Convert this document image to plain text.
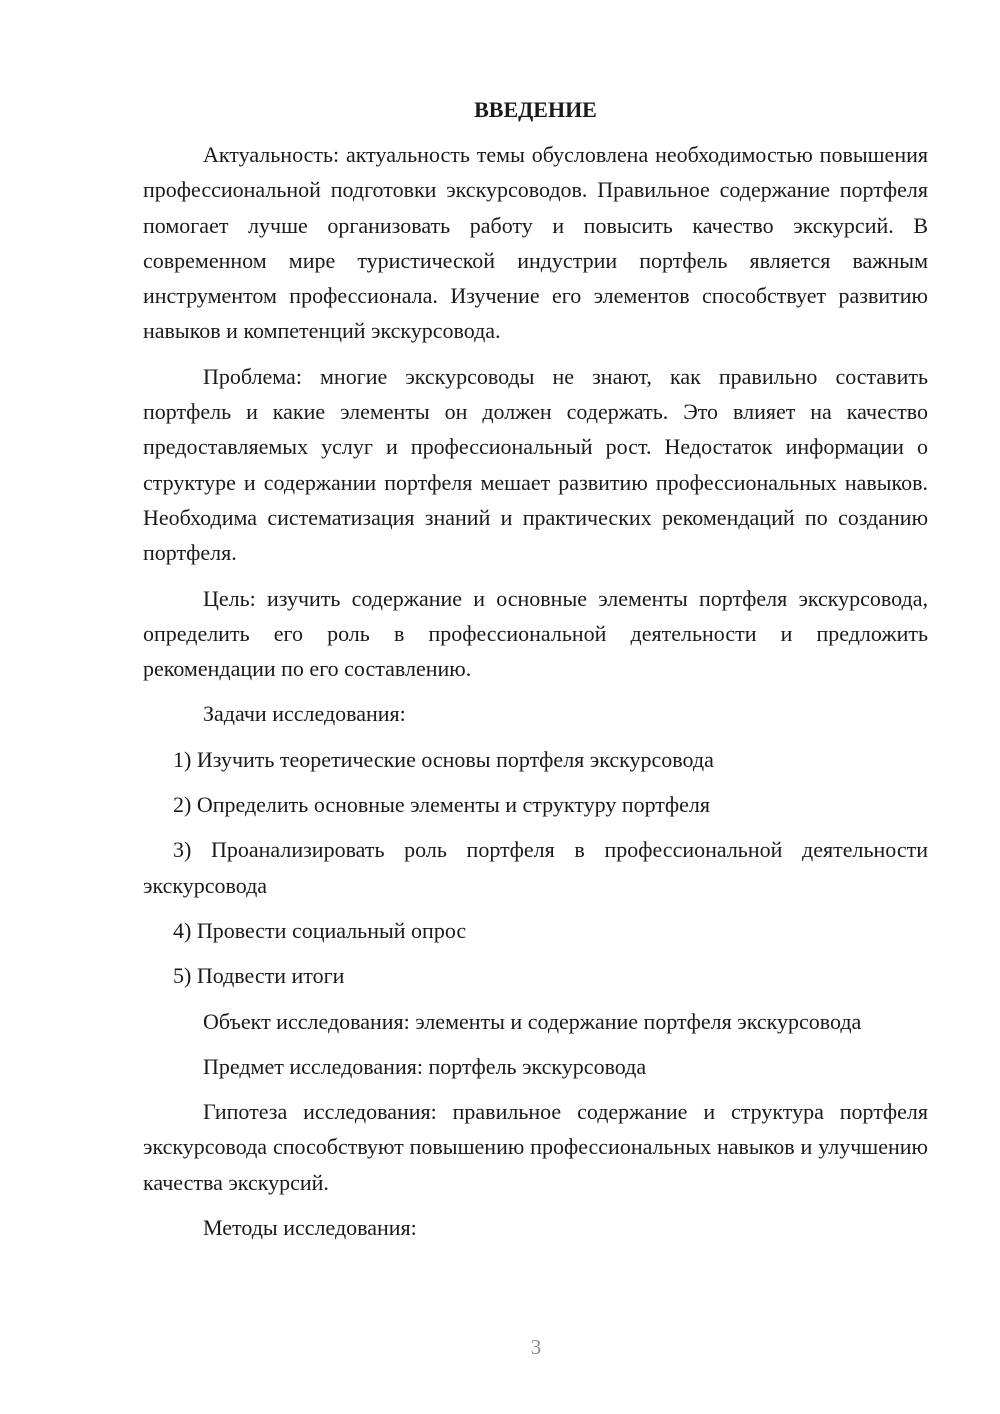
ВВЕДЕНИЕ

Актуальность: актуальность темы обусловлена необходимостью повышения профессиональной подготовки экскурсоводов. Правильное содержание портфеля помогает лучше организовать работу и повысить качество экскурсий. В современном мире туристической индустрии портфель является важным инструментом профессионала. Изучение его элементов способствует развитию навыков и компетенций экскурсовода.

Проблема: многие экскурсоводы не знают, как правильно составить портфель и какие элементы он должен содержать. Это влияет на качество предоставляемых услуг и профессиональный рост. Недостаток информации о структуре и содержании портфеля мешает развитию профессиональных навыков. Необходима систематизация знаний и практических рекомендаций по созданию портфеля.

Цель: изучить содержание и основные элементы портфеля экскурсовода, определить его роль в профессиональной деятельности и предложить рекомендации по его составлению.

Задачи исследования:

1) Изучить теоретические основы портфеля экскурсовода

2) Определить основные элементы и структуру портфеля

3) Проанализировать роль портфеля в профессиональной деятельности экскурсовода

4) Провести социальный опрос

5) Подвести итоги

Объект исследования: элементы и содержание портфеля экскурсовода

Предмет исследования: портфель экскурсовода

Гипотеза исследования: правильное содержание и структура портфеля экскурсовода способствуют повышению профессиональных навыков и улучшению качества экскурсий.

Методы исследования:

3
